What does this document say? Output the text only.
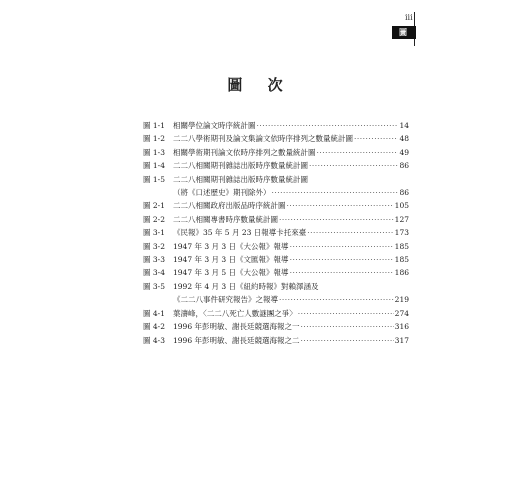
iii
圖 次
圖 次
圖 1-1	相關學位論文時序統計圖 ·····	14
圖 1-2	二二八學術期刊及論文集論文依時序排列之數量統計圖 ·····	48
圖 1-3	相關學術期刊論文依時序排列之數量統計圖 ·····	49
圖 1-4	二二八相關期刊雜誌出版時序數量統計圖 ·····	86
圖 1-5	二二八相關期刊雜誌出版時序數量統計圖
（將《口述歷史》期刊除外） ·····	86
圖 2-1	二二八相關政府出版品時序統計圖 ·····	105
圖 2-2	二二八相關專書時序數量統計圖 ·····	127
圖 3-1	《民報》35 年 5 月 23 日報導卡托來臺 ·····	173
圖 3-2	1947 年 3 月 3 日《大公報》報導 ·····	185
圖 3-3	1947 年 3 月 3 日《文匯報》報導 ·····	185
圖 3-4	1947 年 3 月 5 日《大公報》報導 ·····	186
圖 3-5	1992 年 4 月 3 日《紐約時報》對賴澤涵及
《二二八事件研究報告》之報導 ·····	219
圖 4-1	葉濤峰，〈二二八死亡人數謎團之爭〉 ·····	274
圖 4-2	1996 年彭明敏、謝長廷競選海報之一 ·····	316
圖 4-3	1996 年彭明敏、謝長廷競選海報之二 ·····	317
